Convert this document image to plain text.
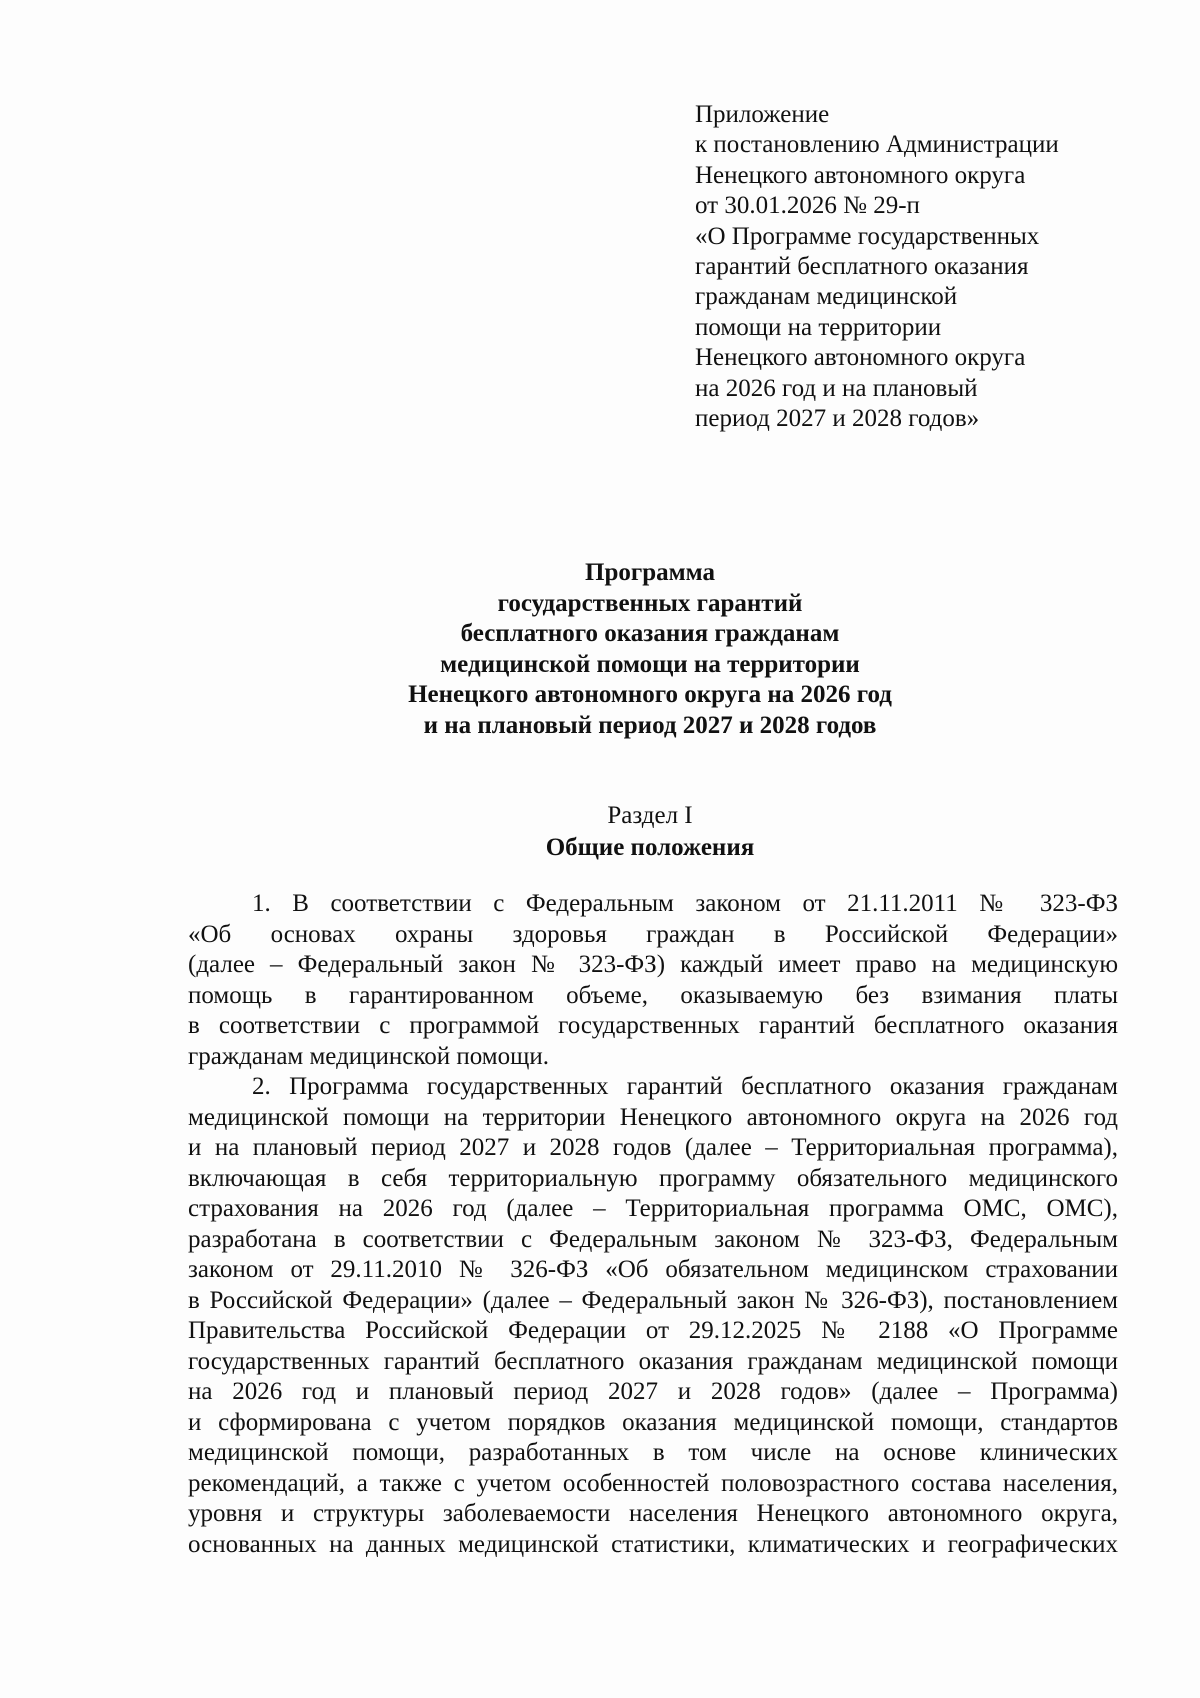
Приложение
к постановлению Администрации
Ненецкого автономного округа
от 30.01.2026 № 29-п
«О Программе государственных
гарантий бесплатного оказания
гражданам медицинской
помощи на территории
Ненецкого автономного округа
на 2026 год и на плановый
период 2027 и 2028 годов»
Программа
государственных гарантий
бесплатного оказания гражданам
медицинской помощи на территории
Ненецкого автономного округа на 2026 год
и на плановый период 2027 и 2028 годов
Раздел I
Общие положения
1. В соответствии с Федеральным законом от 21.11.2011 № 323-ФЗ
«Об основах охраны здоровья граждан в Российской Федерации»
(далее – Федеральный закон № 323-ФЗ) каждый имеет право на медицинскую
помощь в гарантированном объеме, оказываемую без взимания платы
в соответствии с программой государственных гарантий бесплатного оказания
гражданам медицинской помощи.
2. Программа государственных гарантий бесплатного оказания гражданам
медицинской помощи на территории Ненецкого автономного округа на 2026 год
и на плановый период 2027 и 2028 годов (далее – Территориальная программа),
включающая в себя территориальную программу обязательного медицинского
страхования на 2026 год (далее – Территориальная программа ОМС, ОМС),
разработана в соответствии с Федеральным законом № 323-ФЗ, Федеральным
законом от 29.11.2010 № 326-ФЗ «Об обязательном медицинском страховании
в Российской Федерации» (далее – Федеральный закон № 326-ФЗ), постановлением
Правительства Российской Федерации от 29.12.2025 № 2188 «О Программе
государственных гарантий бесплатного оказания гражданам медицинской помощи
на 2026 год и плановый период 2027 и 2028 годов» (далее – Программа)
и сформирована с учетом порядков оказания медицинской помощи, стандартов
медицинской помощи, разработанных в том числе на основе клинических
рекомендаций, а также с учетом особенностей половозрастного состава населения,
уровня и структуры заболеваемости населения Ненецкого автономного округа,
основанных на данных медицинской статистики, климатических и географических
